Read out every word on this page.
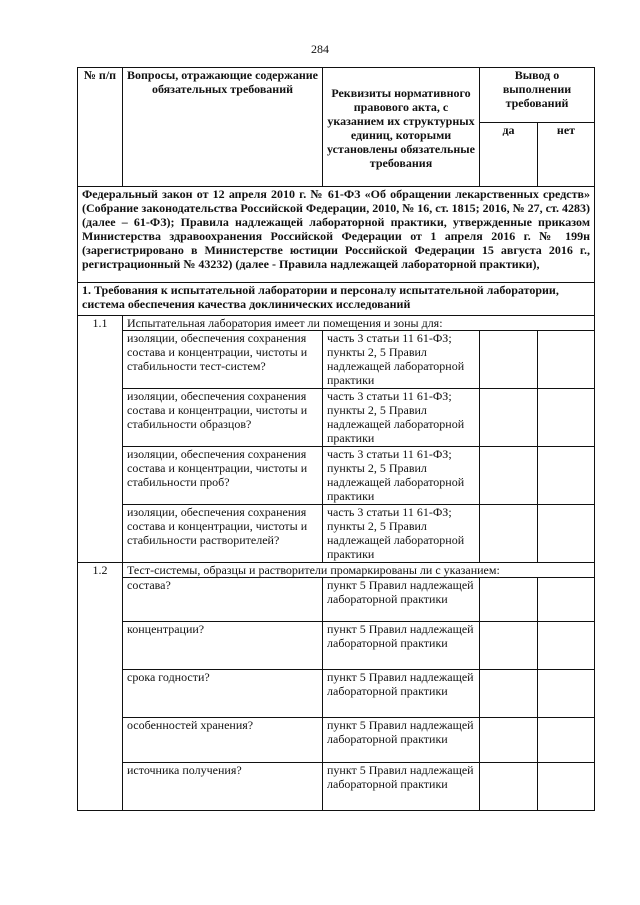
284
№ п/п	Вопросы, отражающие содержание обязательных требований	Реквизиты нормативного правового акта, с указанием их структурных единиц, которыми установлены обязательные требования	Вывод о выполнении требований	
			да	нет
Федеральный закон от 12 апреля 2010 г. № 61-ФЗ «Об обращении лекарственных средств» (Собрание законодательства Российской Федерации, 2010, № 16, ст. 1815; 2016, № 27, ст. 4283) (далее – 61-ФЗ); Правила надлежащей лабораторной практики, утвержденные приказом Министерства здравоохранения Российской Федерации от 1 апреля 2016 г. № 199н (зарегистрировано в Министерстве юстиции Российской Федерации 15 августа 2016 г., регистрационный № 43232) (далее - Правила надлежащей лабораторной практики),				
1. Требования к испытательной лаборатории и персоналу испытательной лаборатории, система обеспечения качества доклинических исследований				
1.1	Испытательная лаборатория имеет ли помещения и зоны для:			
	изоляции, обеспечения сохранения состава и концентрации, чистоты и стабильности тест-систем?	часть 3 статьи 11 61-ФЗ; пункты 2, 5 Правил надлежащей лабораторной практики		
	изоляции, обеспечения сохранения состава и концентрации, чистоты и стабильности образцов?	часть 3 статьи 11 61-ФЗ; пункты 2, 5 Правил надлежащей лабораторной практики		
	изоляции, обеспечения сохранения состава и концентрации, чистоты и стабильности проб?	часть 3 статьи 11 61-ФЗ; пункты 2, 5 Правил надлежащей лабораторной практики		
	изоляции, обеспечения сохранения состава и концентрации, чистоты и стабильности растворителей?	часть 3 статьи 11 61-ФЗ; пункты 2, 5 Правил надлежащей лабораторной практики		
1.2	Тест-системы, образцы и растворители промаркированы ли с указанием:			
	состава?	пункт 5 Правил надлежащей лабораторной практики		
	концентрации?	пункт 5 Правил надлежащей лабораторной практики		
	срока годности?	пункт 5 Правил надлежащей лабораторной практики		
	особенностей хранения?	пункт 5 Правил надлежащей лабораторной практики		
	источника получения?	пункт 5 Правил надлежащей лабораторной практики		
